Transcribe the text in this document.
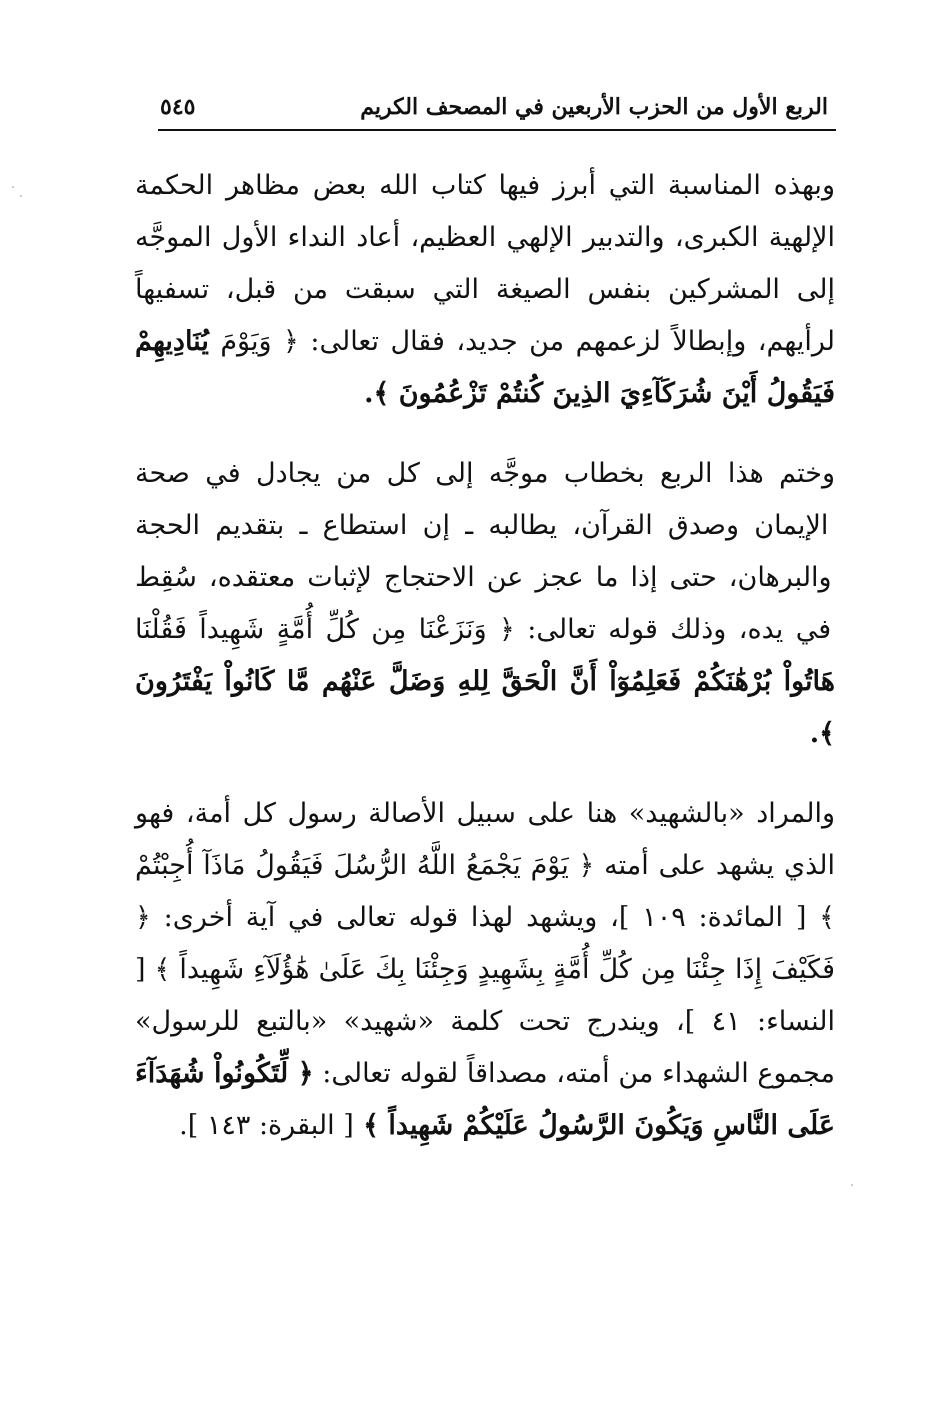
الربع الأول من الحزب الأربعين في المصحف الكريم
٥٤٥

وبهذه المناسبة التي أبرز فيها كتاب الله بعض مظاهر الحكمة الإلهية الكبرى، والتدبير الإلهي العظيم، أعاد النداء الأول الموجَّه إلى المشركين بنفس الصيغة التي سبقت من قبل، تسفيهاً لرأيهم، وإبطالاً لزعمهم من جديد، فقال تعالى: ﴿ وَيَوْمَ يُنَادِيهِمْ فَيَقُولُ أَيْنَ شُرَكَآءِيَ الذِينَ كُنتُمْ تَزْعُمُونَ ﴾.

وختم هذا الربع بخطاب موجَّه إلى كل من يجادل في صحة الإيمان وصدق القرآن، يطالبه ـ إن استطاع ـ بتقديم الحجة والبرهان، حتى إذا ما عجز عن الاحتجاج لإثبات معتقده، سُقِط في يده، وذلك قوله تعالى: ﴿ وَنَزَعْنَا مِن كُلِّ أُمَّةٍ شَهِيداً فَقُلْنَا هَاتُواْ بُرْهَٰنَكُمْ فَعَلِمُوٓاْ أَنَّ الْحَقَّ لِلهِ وَضَلَّ عَنْهُم مَّا كَانُواْ يَفْتَرُونَ ﴾.

والمراد «بالشهيد» هنا على سبيل الأصالة رسول كل أمة، فهو الذي يشهد على أمته ﴿ يَوْمَ يَجْمَعُ اللَّهُ الرُّسُلَ فَيَقُولُ مَاذَآ أُجِبْتُمْ ﴾ [ المائدة: ١٠٩ ]، ويشهد لهذا قوله تعالى في آية أخرى: ﴿ فَكَيْفَ إِذَا جِئْنَا مِن كُلِّ أُمَّةٍ بِشَهِيدٍ وَجِئْنَا بِكَ عَلَىٰ هَٰؤُلَآءِ شَهِيداً ﴾ [ النساء: ٤١ ]، ويندرج تحت كلمة «شهيد» «بالتبع للرسول» مجموع الشهداء من أمته، مصداقاً لقوله تعالى: ﴿ لِّتَكُونُواْ شُهَدَآءَ عَلَى النَّاسِ وَيَكُونَ الرَّسُولُ عَلَيْكُمْ شَهِيداً ﴾ [ البقرة: ١٤٣ ].
